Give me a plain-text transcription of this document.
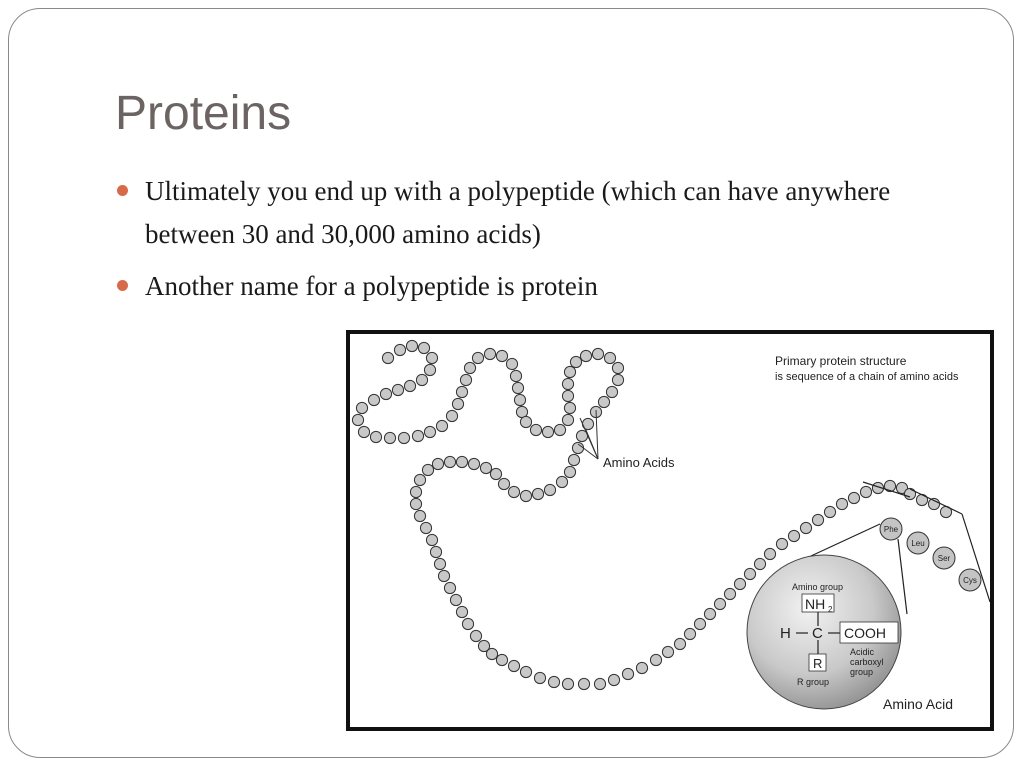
Proteins
Ultimately you end up with a polypeptide (which can have anywhere between 30 and 30,000 amino acids)
Another name for a polypeptide is protein
Primary protein structure
is sequence of a chain of amino acids
Amino Acids
Phe
Leu
Ser
Cys
Amino group
NH 2
H C COOH
R
Acidic
carboxyl
group
R group
Amino Acid
